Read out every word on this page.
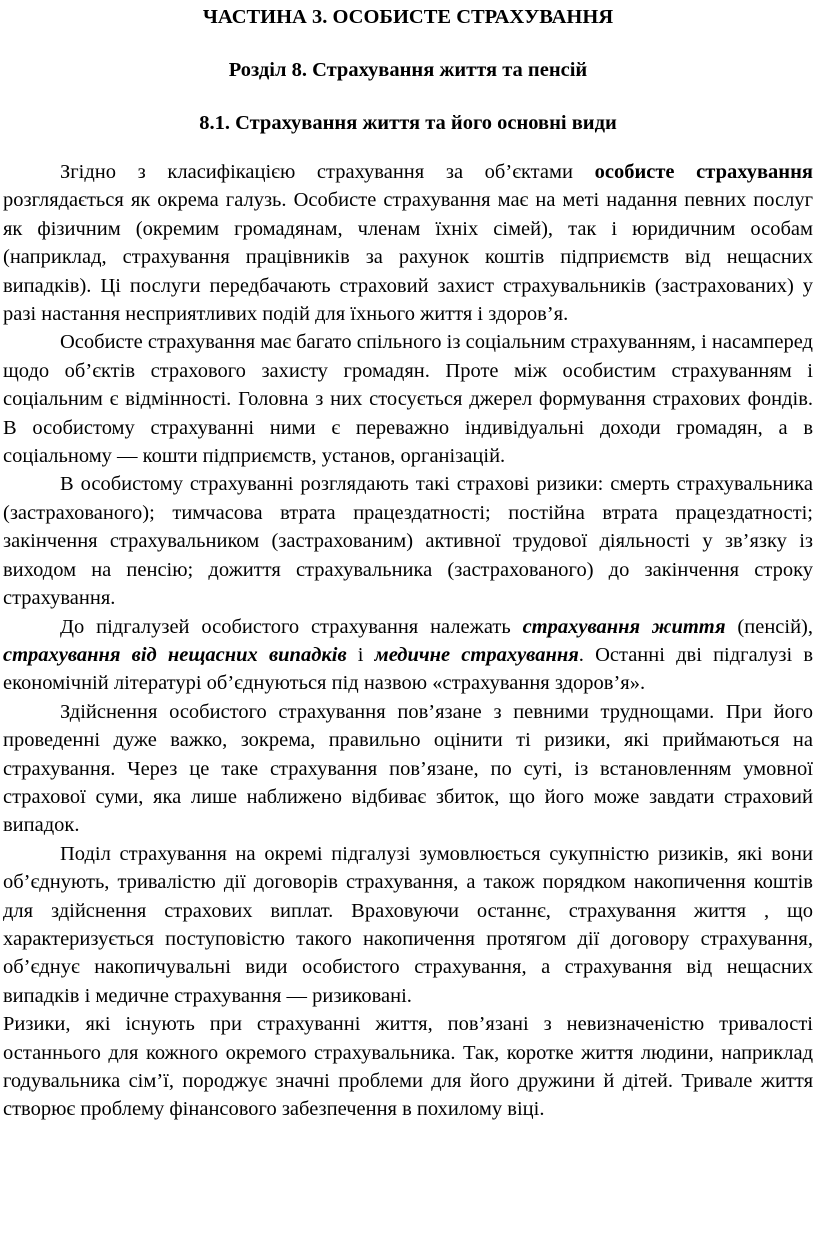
ЧАСТИНА 3. ОСОБИСТЕ СТРАХУВАННЯ
Розділ 8. Страхування життя та пенсій
8.1. Страхування життя та його основні види

Згідно з класифікацією страхування за об’єктами особисте страхування розглядається як окрема галузь. Особисте страхування має на меті надання певних послуг як фізичним (окремим громадянам, членам їхніх сімей), так і юридичним особам (наприклад, страхування працівників за рахунок коштів підприємств від нещасних випадків). Ці послуги передбачають страховий захист страхувальників (застрахованих) у разі настання несприятливих подій для їхнього життя і здоров’я.

Особисте страхування має багато спільного із соціальним страхуванням, і насамперед щодо об’єктів страхового захисту громадян. Проте між особистим страхуванням і соціальним є відмінності. Головна з них стосується джерел формування страхових фондів. В особистому страхуванні ними є переважно індивідуальні доходи громадян, а в соціальному — кошти підприємств, установ, організацій.

В особистому страхуванні розглядають такі страхові ризики: смерть страхувальника (застрахованого); тимчасова втрата працездатності; постійна втрата працездатності; закінчення страхувальником (застрахованим) активної трудової діяльності у зв’язку із виходом на пенсію; дожиття страхувальника (застрахованого) до закінчення строку страхування.

До підгалузей особистого страхування належать страхування життя (пенсій), страхування від нещасних випадків і медичне страхування. Останні дві підгалузі в економічній літературі об’єднуються під назвою «страхування здоров’я».

Здійснення особистого страхування пов’язане з певними труднощами. При його проведенні дуже важко, зокрема, правильно оцінити ті ризики, які приймаються на страхування. Через це таке страхування пов’язане, по суті, із встановленням умовної страхової суми, яка лише наближено відбиває збиток, що його може завдати страховий випадок.

Поділ страхування на окремі підгалузі зумовлюється сукупністю ризиків, які вони об’єднують, тривалістю дії договорів страхування, а також порядком накопичення коштів для здійснення страхових виплат. Враховуючи останнє, страхування життя , що характеризується поступовістю такого накопичення протягом дії договору страхування, об’єднує накопичувальні види особистого страхування, а страхування від нещасних випадків і медичне страхування — ризиковані.

Ризики, які існують при страхуванні життя, пов’язані з невизначеністю тривалості останнього для кожного окремого страхувальника. Так, коротке життя людини, наприклад годувальника сім’ї, породжує значні проблеми для його дружини й дітей. Тривале життя створює проблему фінансового забезпечення в похилому віці.
